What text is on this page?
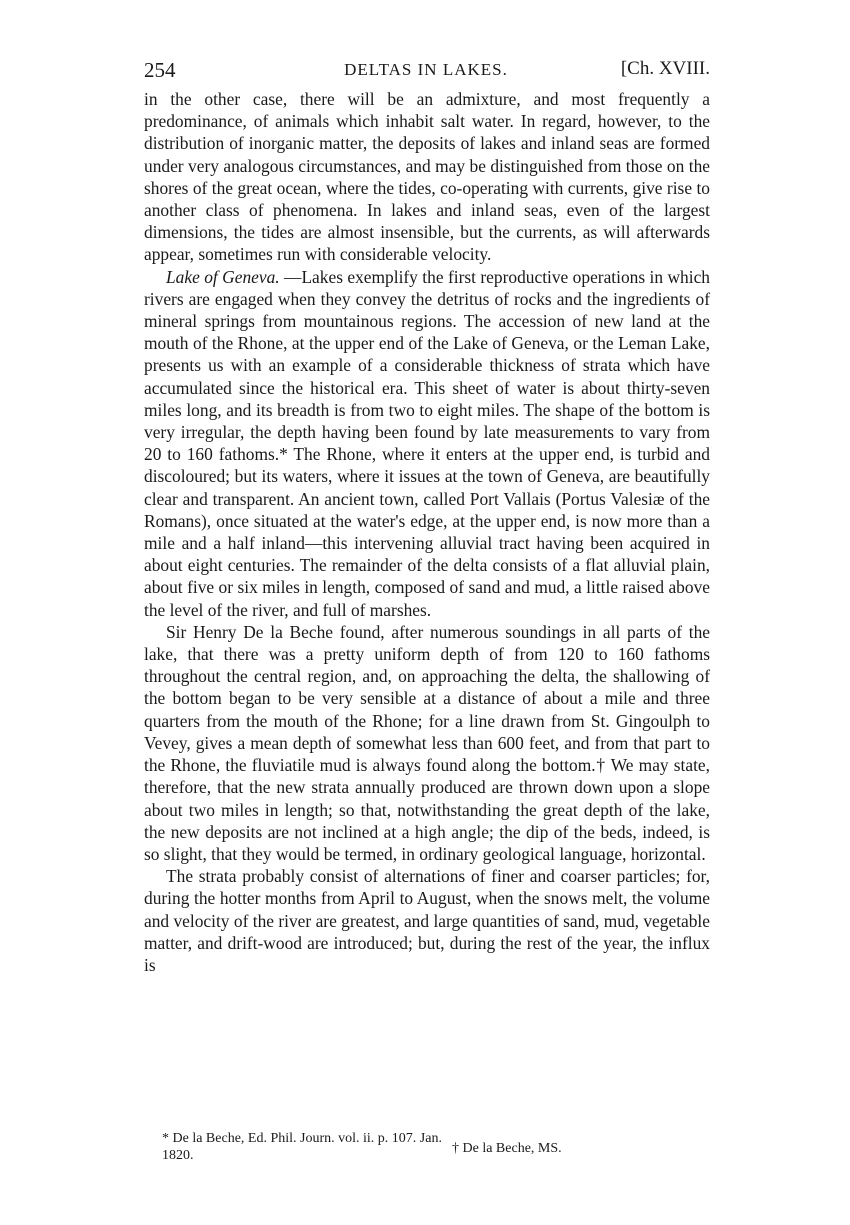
254	DELTAS IN LAKES.	[Ch. XVIII.

in the other case, there will be an admixture, and most frequently a predominance, of animals which inhabit salt water. In regard, however, to the distribution of inorganic matter, the deposits of lakes and inland seas are formed under very analogous circumstances, and may be distinguished from those on the shores of the great ocean, where the tides, co-operating with currents, give rise to another class of phenomena. In lakes and inland seas, even of the largest dimensions, the tides are almost insensible, but the currents, as will afterwards appear, sometimes run with considerable velocity.

Lake of Geneva. —Lakes exemplify the first reproductive operations in which rivers are engaged when they convey the detritus of rocks and the ingredients of mineral springs from mountainous regions. The accession of new land at the mouth of the Rhone, at the upper end of the Lake of Geneva, or the Leman Lake, presents us with an example of a considerable thickness of strata which have accumulated since the historical era. This sheet of water is about thirty-seven miles long, and its breadth is from two to eight miles. The shape of the bottom is very irregular, the depth having been found by late measurements to vary from 20 to 160 fathoms.* The Rhone, where it enters at the upper end, is turbid and discoloured; but its waters, where it issues at the town of Geneva, are beautifully clear and transparent. An ancient town, called Port Vallais (Portus Valesiæ of the Romans), once situated at the water's edge, at the upper end, is now more than a mile and a half inland—this intervening alluvial tract having been acquired in about eight centuries. The remainder of the delta consists of a flat alluvial plain, about five or six miles in length, composed of sand and mud, a little raised above the level of the river, and full of marshes.

Sir Henry De la Beche found, after numerous soundings in all parts of the lake, that there was a pretty uniform depth of from 120 to 160 fathoms throughout the central region, and, on approaching the delta, the shallowing of the bottom began to be very sensible at a distance of about a mile and three quarters from the mouth of the Rhone; for a line drawn from St. Gingoulph to Vevey, gives a mean depth of somewhat less than 600 feet, and from that part to the Rhone, the fluviatile mud is always found along the bottom.† We may state, therefore, that the new strata annually produced are thrown down upon a slope about two miles in length; so that, notwithstanding the great depth of the lake, the new deposits are not inclined at a high angle; the dip of the beds, indeed, is so slight, that they would be termed, in ordinary geological language, horizontal.

The strata probably consist of alternations of finer and coarser particles; for, during the hotter months from April to August, when the snows melt, the volume and velocity of the river are greatest, and large quantities of sand, mud, vegetable matter, and drift-wood are introduced; but, during the rest of the year, the influx is

* De la Beche, Ed. Phil. Journ. vol. ii. p. 107. Jan. 1820.	† De la Beche, MS.
